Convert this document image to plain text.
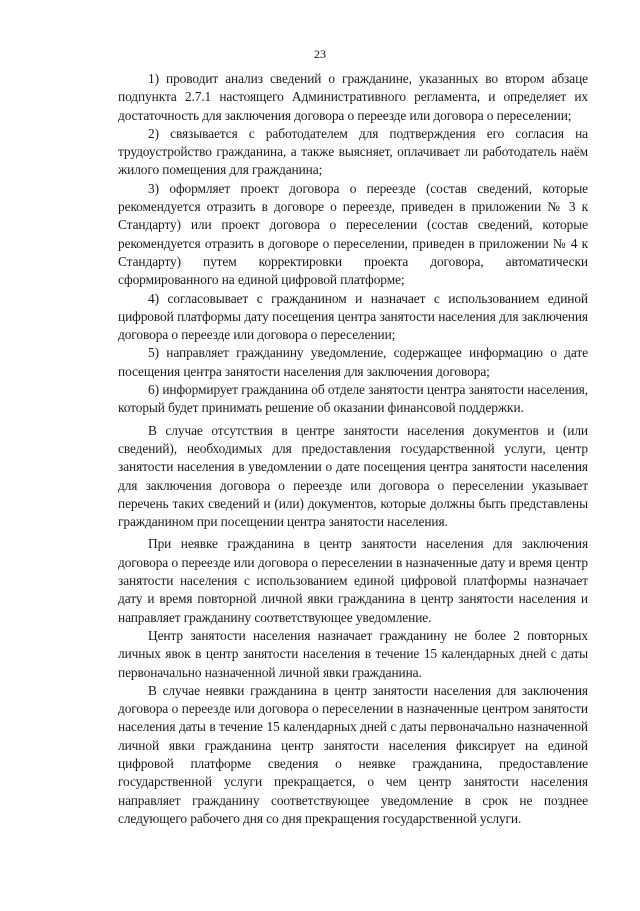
23

1) проводит анализ сведений о гражданине, указанных во втором абзаце подпункта 2.7.1 настоящего Административного регламента, и определяет их достаточность для заключения договора о переезде или договора о переселении;

2) связывается с работодателем для подтверждения его согласия на трудоустройство гражданина, а также выясняет, оплачивает ли работодатель наём жилого помещения для гражданина;

3) оформляет проект договора о переезде (состав сведений, которые рекомендуется отразить в договоре о переезде, приведен в приложении № 3 к Стандарту) или проект договора о переселении (состав сведений, которые рекомендуется отразить в договоре о переселении, приведен в приложении № 4 к Стандарту) путем корректировки проекта договора, автоматически сформированного на единой цифровой платформе;

4) согласовывает с гражданином и назначает с использованием единой цифровой платформы дату посещения центра занятости населения для заключения договора о переезде или договора о переселении;

5) направляет гражданину уведомление, содержащее информацию о дате посещения центра занятости населения для заключения договора;

6) информирует гражданина об отделе занятости центра занятости населения, который будет принимать решение об оказании финансовой поддержки.

В случае отсутствия в центре занятости населения документов и (или сведений), необходимых для предоставления государственной услуги, центр занятости населения в уведомлении о дате посещения центра занятости населения для заключения договора о переезде или договора о переселении указывает перечень таких сведений и (или) документов, которые должны быть представлены гражданином при посещении центра занятости населения.

При неявке гражданина в центр занятости населения для заключения договора о переезде или договора о переселении в назначенные дату и время центр занятости населения с использованием единой цифровой платформы назначает дату и время повторной личной явки гражданина в центр занятости населения и направляет гражданину соответствующее уведомление.

Центр занятости населения назначает гражданину не более 2 повторных личных явок в центр занятости населения в течение 15 календарных дней с даты первоначально назначенной личной явки гражданина.

В случае неявки гражданина в центр занятости населения для заключения договора о переезде или договора о переселении в назначенные центром занятости населения даты в течение 15 календарных дней с даты первоначально назначенной личной явки гражданина центр занятости населения фиксирует на единой цифровой платформе сведения о неявке гражданина, предоставление государственной услуги прекращается, о чем центр занятости населения направляет гражданину соответствующее уведомление в срок не позднее следующего рабочего дня со дня прекращения государственной услуги.
